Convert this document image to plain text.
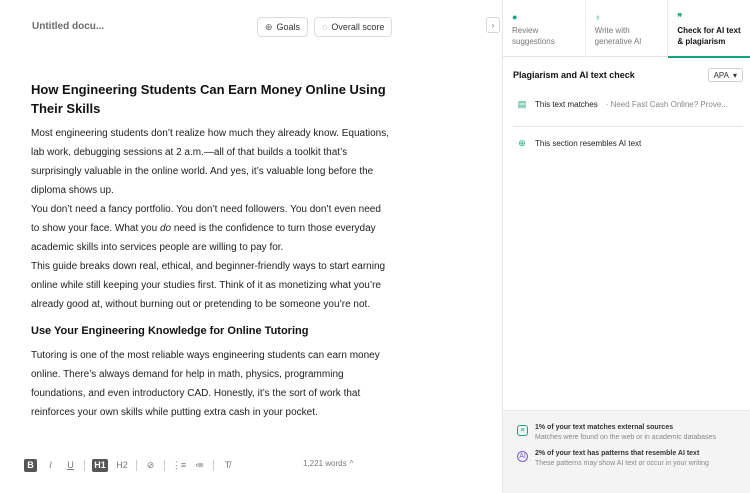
Untitled docu...	⊛ Goals ◌ Overall score	›
How Engineering Students Can Earn Money Online Using Their Skills

Most engineering students don’t realize how much they already know. Equations, lab work, debugging sessions at 2 a.m.—all of that builds a toolkit that’s surprisingly valuable in the online world. And yes, it’s valuable long before the diploma shows up.

You don’t need a fancy portfolio. You don’t need followers. You don’t even need to show your face. What you do need is the confidence to turn those everyday academic skills into services people are willing to pay for.

This guide breaks down real, ethical, and beginner-friendly ways to start earning online while still keeping your studies first. Think of it as monetizing what you’re already good at, without burning out or pretending to be someone you’re not.

Use Your Engineering Knowledge for Online Tutoring

Tutoring is one of the most reliable ways engineering students can earn money online. There’s always demand for help in math, physics, programming foundations, and even introductory CAD. Honestly, it’s the sort of work that reinforces your own skills while putting extra cash in your pocket.

B	I	U	H1 H2	⊘	⋮≡ ≔	T̸	1,221 words ^
●
Review suggestions
♁
Write with generative AI
❞
Check for AI text & plagiarism
Plagiarism and AI text check	APA ▾
▤ This text matches · Need Fast Cash Online? Prove...
⊕ This section resembles AI text
≡	1% of your text matches external sources
Matches were found on the web or in academic databases
AI	2% of your text has patterns that resemble AI text
These patterns may show AI text or occur in your writing
